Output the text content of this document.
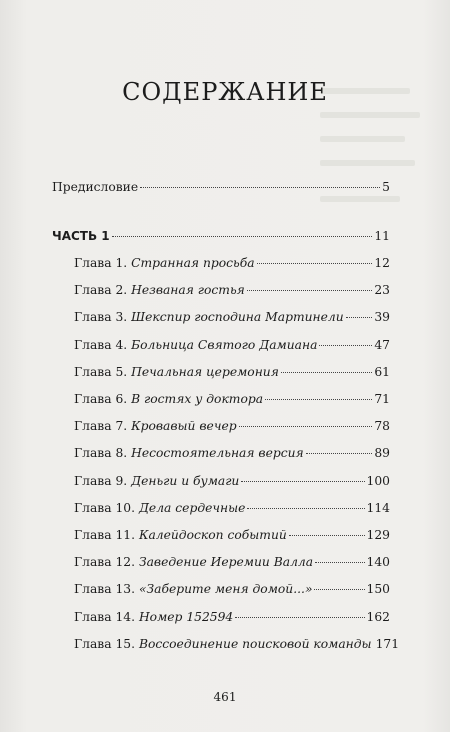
СОДЕРЖАНИЕ
Предисловие	5
ЧАСТЬ 1	11
Глава 1. Странная просьба	12
Глава 2. Незваная гостья	23
Глава 3. Шекспир господина Мартинели 39
Глава 4. Больница Святого Дамиана	47
Глава 5. Печальная церемония	61
Глава 6. В гостях у доктора	71
Глава 7. Кровавый вечер	78
Глава 8. Несостоятельная версия	89
Глава 9. Деньги и бумаги	100
Глава 10. Дела сердечные	114
Глава 11. Калейдоскоп событий	129
Глава 12. Заведение Иеремии Валла	140
Глава 13. «Заберите меня домой...»	150
Глава 14. Номер 152594	162
Глава 15. Воссоединение поисковой команды 171
461
